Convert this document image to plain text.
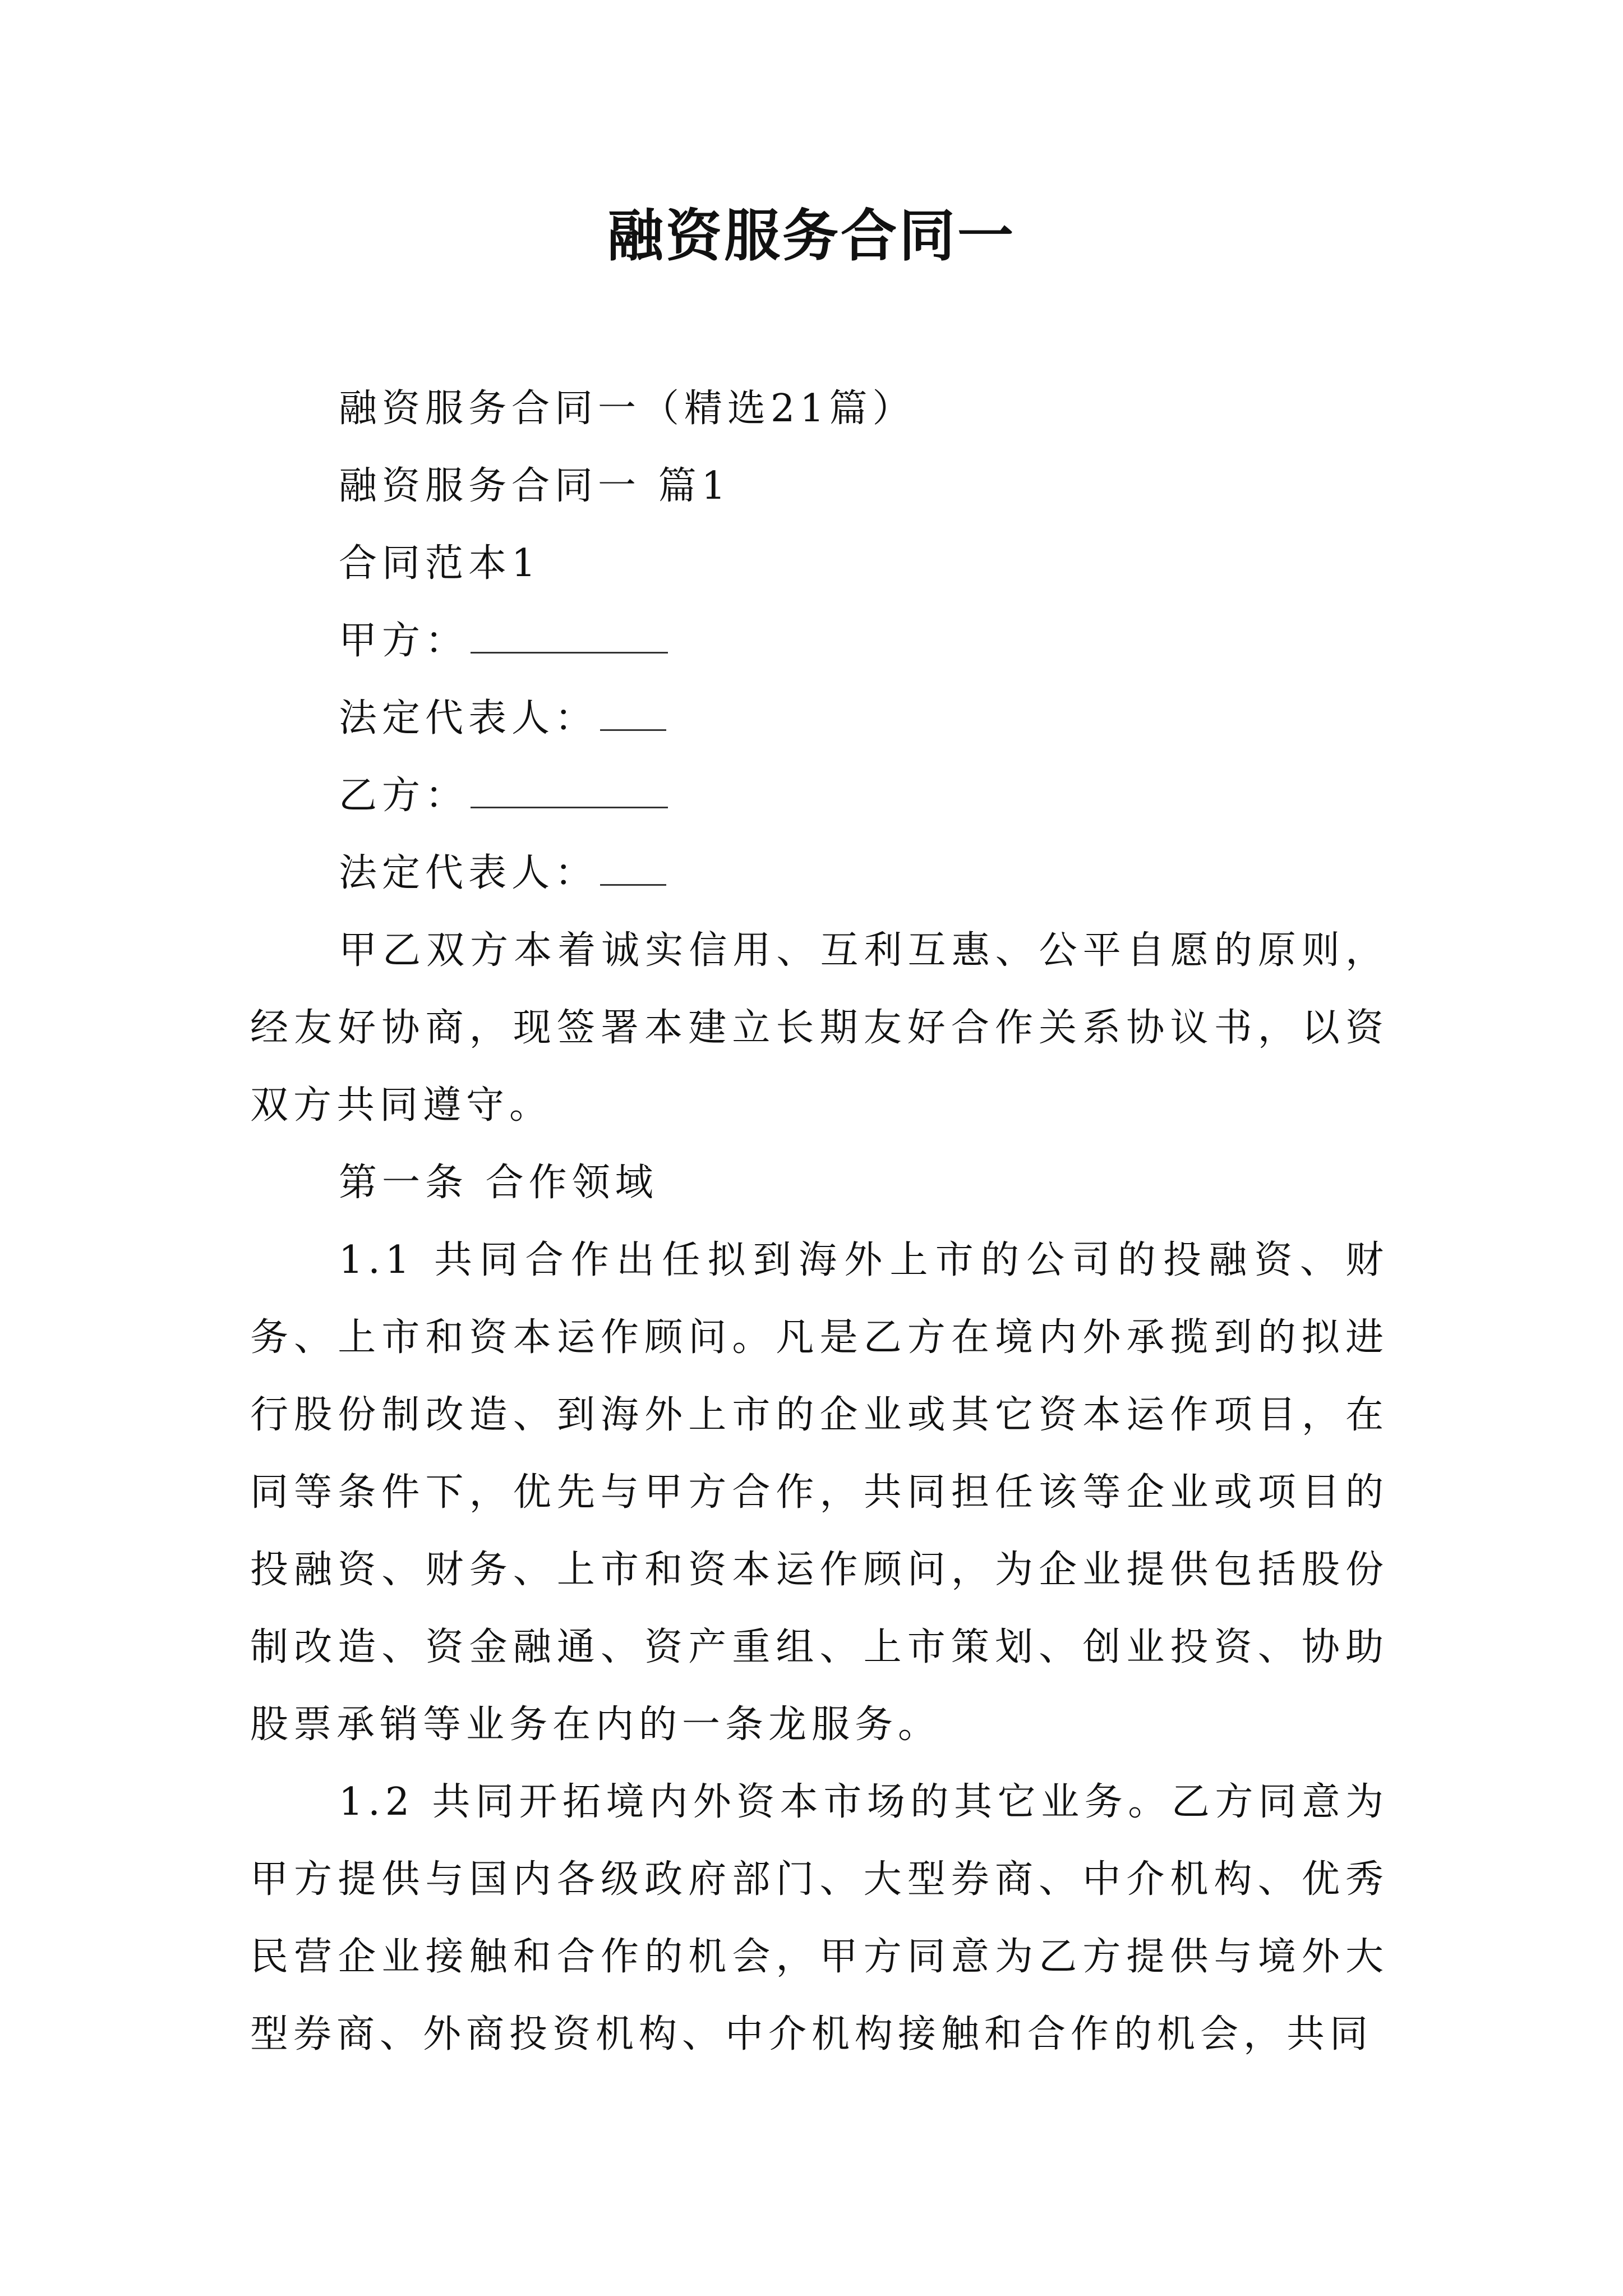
融资服务合同一
融资服务合同一（精选21篇）
融资服务合同一 篇1
合同范本1
甲方：
法定代表人：
乙方：
法定代表人：

甲乙双方本着诚实信用、互利互惠、公平自愿的原则，经友好协商，现签署本建立长期友好合作关系协议书，以资双方共同遵守。

第一条 合作领域

1.1 共同合作出任拟到海外上市的公司的投融资、财务、上市和资本运作顾问。凡是乙方在境内外承揽到的拟进行股份制改造、到海外上市的企业或其它资本运作项目，在同等条件下，优先与甲方合作，共同担任该等企业或项目的投融资、财务、上市和资本运作顾问，为企业提供包括股份制改造、资金融通、资产重组、上市策划、创业投资、协助股票承销等业务在内的一条龙服务。

1.2 共同开拓境内外资本市场的其它业务。乙方同意为甲方提供与国内各级政府部门、大型券商、中介机构、优秀民营企业接触和合作的机会，甲方同意为乙方提供与境外大型券商、外商投资机构、中介机构接触和合作的机会，共同
